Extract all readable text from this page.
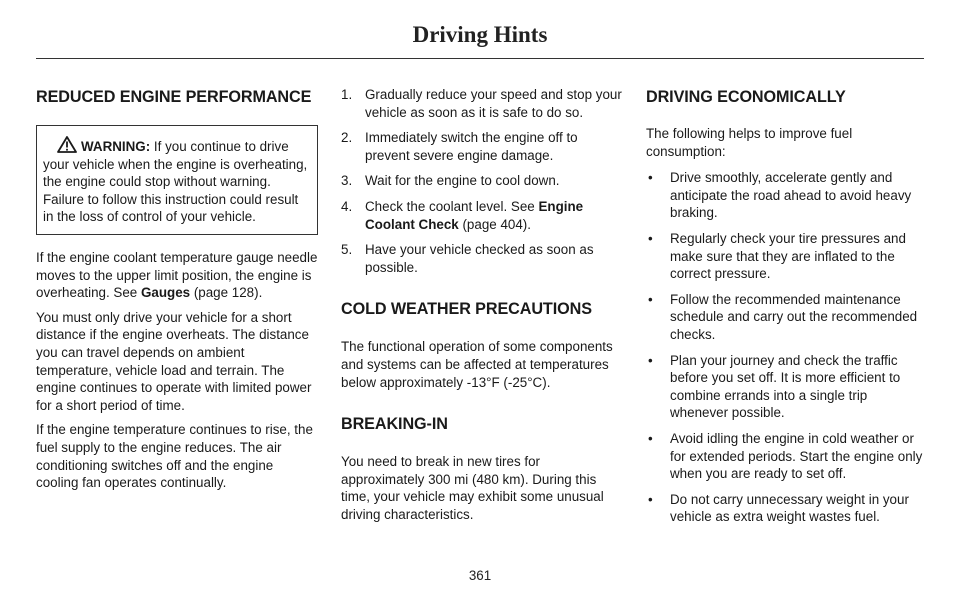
Driving Hints
REDUCED ENGINE PERFORMANCE
WARNING: If you continue to drive your vehicle when the engine is overheating, the engine could stop without warning. Failure to follow this instruction could result in the loss of control of your vehicle.

If the engine coolant temperature gauge needle moves to the upper limit position, the engine is overheating. See Gauges (page 128).

You must only drive your vehicle for a short distance if the engine overheats. The distance you can travel depends on ambient temperature, vehicle load and terrain. The engine continues to operate with limited power for a short period of time.

If the engine temperature continues to rise, the fuel supply to the engine reduces. The air conditioning switches off and the engine cooling fan operates continually.

1. Gradually reduce your speed and stop your vehicle as soon as it is safe to do so.
2. Immediately switch the engine off to prevent severe engine damage.
3. Wait for the engine to cool down.
4. Check the coolant level. See Engine Coolant Check (page 404).
5. Have your vehicle checked as soon as possible.
COLD WEATHER PRECAUTIONS

The functional operation of some components and systems can be affected at temperatures below approximately -13°F (-25°C).

BREAKING-IN

You need to break in new tires for approximately 300 mi (480 km). During this time, your vehicle may exhibit some unusual driving characteristics.

DRIVING ECONOMICALLY

The following helps to improve fuel consumption:

•	Drive smoothly, accelerate gently and anticipate the road ahead to avoid heavy braking.
•	Regularly check your tire pressures and make sure that they are inflated to the correct pressure.
•	Follow the recommended maintenance schedule and carry out the recommended checks.
•	Plan your journey and check the traffic before you set off. It is more efficient to combine errands into a single trip whenever possible.
•	Avoid idling the engine in cold weather or for extended periods. Start the engine only when you are ready to set off.
•	Do not carry unnecessary weight in your vehicle as extra weight wastes fuel.
361
